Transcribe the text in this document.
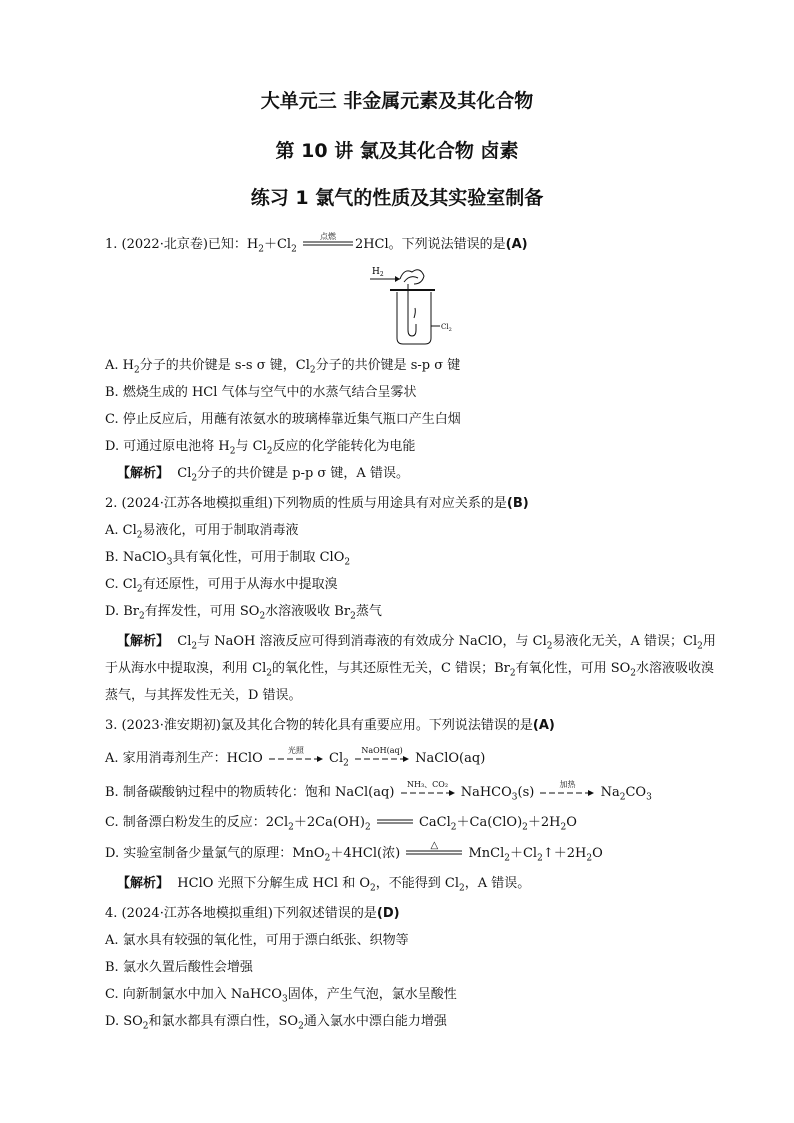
大单元三 非金属元素及其化合物
第 10 讲 氯及其化合物 卤素
练习 1 氯气的性质及其实验室制备
1. (2022·北京卷)已知：$H_2+Cl_2$
点燃
2HCl。下列说法错误的是(A)
$H_2$
$Cl_2$
A. $H_2$分子的共价键是 s-s σ 键，$Cl_2$分子的共价键是 s-p σ 键
B. 燃烧生成的 HCl 气体与空气中的水蒸气结合呈雾状
C. 停止反应后，用蘸有浓氨水的玻璃棒靠近集气瓶口产生白烟
D. 可通过原电池将 $H_2$与 $Cl_2$反应的化学能转化为电能
【解析】 $Cl_2$分子的共价键是 p-p σ 键，A 错误。
2. (2024·江苏各地模拟重组)下列物质的性质与用途具有对应关系的是(B)
A. $Cl_2$易液化，可用于制取消毒液
B. NaClO$_3$具有氧化性，可用于制取 ClO$_2$
C. $Cl_2$有还原性，可用于从海水中提取溴
D. $Br_2$有挥发性，可用 $SO_2$水溶液吸收 $Br_2$蒸气
【解析】 $Cl_2$与 NaOH 溶液反应可得到消毒液的有效成分 NaClO，与 $Cl_2$易液化无关，A 错误；$Cl_2$用
于从海水中提取溴，利用 $Cl_2$的氧化性，与其还原性无关，C 错误；$Br_2$有氧化性，可用 $SO_2$水溶液吸收溴
蒸气，与其挥发性无关，D 错误。
3. (2023·淮安期初)氯及其化合物的转化具有重要应用。下列说法错误的是(A)
A. 家用消毒剂生产：HClO
光照
$Cl_2$
NaOH(aq)
NaClO(aq)
B. 制备碳酸钠过程中的物质转化：饱和 NaCl(aq)
NH₃、CO₂
NaHCO$_3$(s)
加热
$Na_2CO_3$
C. 制备漂白粉发生的反应：$2Cl_2+2Ca(OH)_2$	$CaCl_2+Ca(ClO)_2+2H_2O$
D. 实验室制备少量氯气的原理：MnO$_2$＋4HCl(浓)
△
$MnCl_2+Cl_2↑+2H_2O$
【解析】 HClO 光照下分解生成 HCl 和 $O_2$，不能得到 $Cl_2$，A 错误。
4. (2024·江苏各地模拟重组)下列叙述错误的是(D)
A. 氯水具有较强的氧化性，可用于漂白纸张、织物等
B. 氯水久置后酸性会增强
C. 向新制氯水中加入 NaHCO$_3$固体，产生气泡，氯水呈酸性
D. $SO_2$和氯水都具有漂白性，$SO_2$通入氯水中漂白能力增强
